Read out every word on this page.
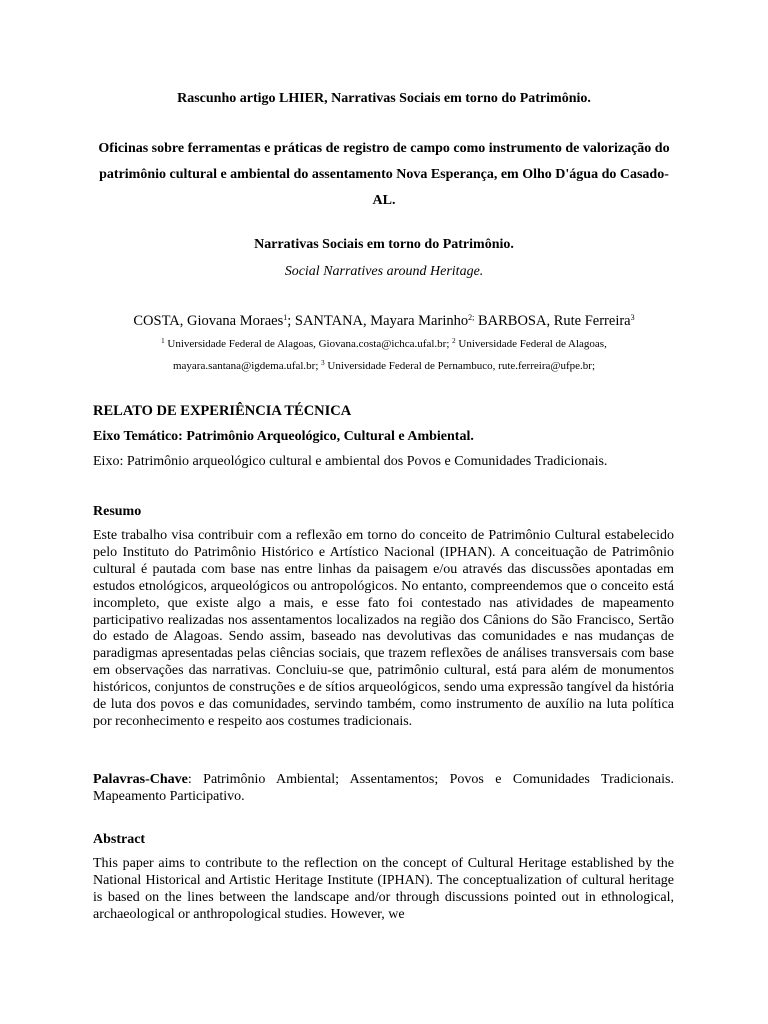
Rascunho artigo LHIER, Narrativas Sociais em torno do Patrimônio.
Oficinas sobre ferramentas e práticas de registro de campo como instrumento de valorização do patrimônio cultural e ambiental do assentamento Nova Esperança, em Olho D'água do Casado-AL.
Narrativas Sociais em torno do Patrimônio.
Social Narratives around Heritage.
COSTA, Giovana Moraes$^1$; SANTANA, Mayara Marinho$^{2;}$ BARBOSA, Rute Ferreira$^3$
$^1$ Universidade Federal de Alagoas, Giovana.costa@ichca.ufal.br; $^2$ Universidade Federal de Alagoas,
mayara.santana@igdema.ufal.br; $^3$ Universidade Federal de Pernambuco, rute.ferreira@ufpe.br;
RELATO DE EXPERIÊNCIA TÉCNICA
Eixo Temático: Patrimônio Arqueológico, Cultural e Ambiental.
Eixo: Patrimônio arqueológico cultural e ambiental dos Povos e Comunidades Tradicionais.
Resumo
Este trabalho visa contribuir com a reflexão em torno do conceito de Patrimônio Cultural estabelecido pelo Instituto do Patrimônio Histórico e Artístico Nacional (IPHAN). A conceituação de Patrimônio cultural é pautada com base nas entre linhas da paisagem e/ou através das discussões apontadas em estudos etnológicos, arqueológicos ou antropológicos. No entanto, compreendemos que o conceito está incompleto, que existe algo a mais, e esse fato foi contestado nas atividades de mapeamento participativo realizadas nos assentamentos localizados na região dos Cânions do São Francisco, Sertão do estado de Alagoas. Sendo assim, baseado nas devolutivas das comunidades e nas mudanças de paradigmas apresentadas pelas ciências sociais, que trazem reflexões de análises transversais com base em observações das narrativas. Concluiu-se que, patrimônio cultural, está para além de monumentos históricos, conjuntos de construções e de sítios arqueológicos, sendo uma expressão tangível da história de luta dos povos e das comunidades, servindo também, como instrumento de auxílio na luta política por reconhecimento e respeito aos costumes tradicionais.
Palavras-Chave: Patrimônio Ambiental; Assentamentos; Povos e Comunidades Tradicionais. Mapeamento Participativo.
Abstract
This paper aims to contribute to the reflection on the concept of Cultural Heritage established by the National Historical and Artistic Heritage Institute (IPHAN). The conceptualization of cultural heritage is based on the lines between the landscape and/or through discussions pointed out in ethnological, archaeological or anthropological studies. However, we
